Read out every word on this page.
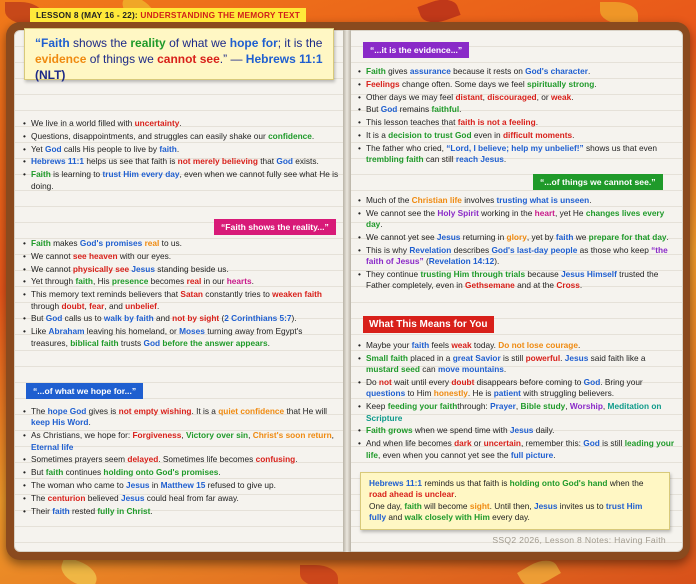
LESSON 8 (MAY 16 - 22): UNDERSTANDING THE MEMORY TEXT
“Faith shows the reality of what we hope for; it is the
evidence of things we cannot see.” — Hebrews 11:1 (NLT)
• We live in a world filled with uncertainty.
• Questions, disappointments, and struggles can easily shake our confidence.
• Yet God calls His people to live by faith.
• Hebrews 11:1 helps us see that faith is not merely believing that God exists.
• Faith is learning to trust Him every day, even when we cannot fully see what He is doing.
“Faith shows the reality...”
• Faith makes God's promises real to us.
• We cannot see heaven with our eyes.
• We cannot physically see Jesus standing beside us.
• Yet through faith, His presence becomes real in our hearts.
• This memory text reminds believers that Satan constantly tries to weaken faith through doubt, fear, and unbelief.
• But God calls us to walk by faith and not by sight (2 Corinthians 5:7).
• Like Abraham leaving his homeland, or Moses turning away from Egypt's treasures, biblical faith trusts God before the answer appears.
“...of what we hope for...”
• The hope God gives is not empty wishing. It is a quiet confidence that He will keep His Word.
• As Christians, we hope for: Forgiveness, Victory over sin, Christ's soon return, Eternal life
• Sometimes prayers seem delayed. Sometimes life becomes confusing.
• But faith continues holding onto God's promises.
• The woman who came to Jesus in Matthew 15 refused to give up.
• The centurion believed Jesus could heal from far away.
• Their faith rested fully in Christ.
“...it is the evidence...”
• Faith gives assurance because it rests on God's character.
• Feelings change often. Some days we feel spiritually strong.
• Other days we may feel distant, discouraged, or weak.
• But God remains faithful.
• This lesson teaches that faith is not a feeling.
• It is a decision to trust God even in difficult moments.
• The father who cried, “Lord, I believe; help my unbelief!” shows us that even trembling faith can still reach Jesus.
“...of things we cannot see.”
• Much of the Christian life involves trusting what is unseen.
• We cannot see the Holy Spirit working in the heart, yet He changes lives every day.
• We cannot yet see Jesus returning in glory, yet by faith we prepare for that day.
• This is why Revelation describes God's last-day people as those who keep “the faith of Jesus” (Revelation 14:12).
• They continue trusting Him through trials because Jesus Himself trusted the Father completely, even in Gethsemane and at the Cross.
What This Means for You
• Maybe your faith feels weak today. Do not lose courage.
• Small faith placed in a great Savior is still powerful. Jesus said faith like a mustard seed can move mountains.
• Do not wait until every doubt disappears before coming to God. Bring your questions to Him honestly. He is patient with struggling believers.
• Keep feeding your faiththrough: Prayer, Bible study, Worship, Meditation on Scripture
• Faith grows when we spend time with Jesus daily.
• And when life becomes dark or uncertain, remember this: God is still leading your life, even when you cannot yet see the full picture.
Hebrews 11:1 reminds us that faith is holding onto God's hand when the road ahead is unclear.
One day, faith will become sight. Until then, Jesus invites us to trust Him fully and walk closely with Him every day.
SSQ2 2026, Lesson 8 Notes: Having Faith
